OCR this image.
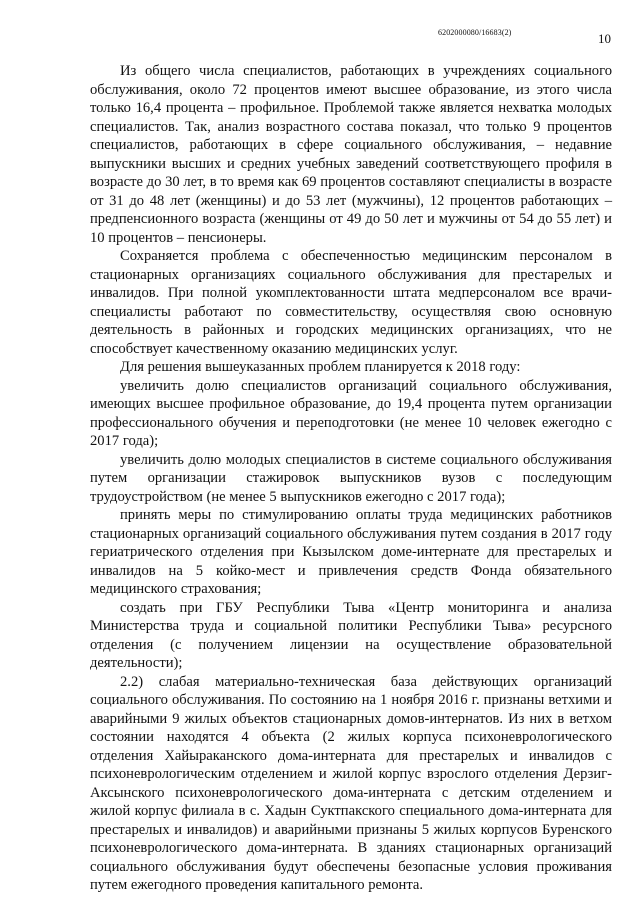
6202000080/16683(2)	10

Из общего числа специалистов, работающих в учреждениях социального обслуживания, около 72 процентов имеют высшее образование, из этого числа только 16,4 процента – профильное. Проблемой также является нехватка молодых специалистов. Так, анализ возрастного состава показал, что только 9 процентов специалистов, работающих в сфере социального обслуживания, – недавние выпускники высших и средних учебных заведений соответствующего профиля в возрасте до 30 лет, в то время как 69 процентов составляют специалисты в возрасте от 31 до 48 лет (женщины) и до 53 лет (мужчины), 12 процентов работающих – предпенсионного возраста (женщины от 49 до 50 лет и мужчины от 54 до 55 лет) и 10 процентов – пенсионеры.

Сохраняется проблема с обеспеченностью медицинским персоналом в стационарных организациях социального обслуживания для престарелых и инвалидов. При полной укомплектованности штата медперсоналом все врачи-специалисты работают по совместительству, осуществляя свою основную деятельность в районных и городских медицинских организациях, что не способствует качественному оказанию медицинских услуг.

Для решения вышеуказанных проблем планируется к 2018 году:

увеличить долю специалистов организаций социального обслуживания, имеющих высшее профильное образование, до 19,4 процента путем организации профессионального обучения и переподготовки (не менее 10 человек ежегодно с 2017 года);

увеличить долю молодых специалистов в системе социального обслуживания путем организации стажировок выпускников вузов с последующим трудоустройством (не менее 5 выпускников ежегодно с 2017 года);

принять меры по стимулированию оплаты труда медицинских работников стационарных организаций социального обслуживания путем создания в 2017 году гериатрического отделения при Кызылском доме-интернате для престарелых и инвалидов на 5 койко-мест и привлечения средств Фонда обязательного медицинского страхования;

создать при ГБУ Республики Тыва «Центр мониторинга и анализа Министерства труда и социальной политики Республики Тыва» ресурсного отделения (с получением лицензии на осуществление образовательной деятельности);

2.2) слабая материально-техническая база действующих организаций социального обслуживания. По состоянию на 1 ноября 2016 г. признаны ветхими и аварийными 9 жилых объектов стационарных домов-интернатов. Из них в ветхом состоянии находятся 4 объекта (2 жилых корпуса психоневрологического отделения Хайыраканского дома-интерната для престарелых и инвалидов с психоневрологическим отделением и жилой корпус взрослого отделения Дерзиг-Аксынского психоневрологического дома-интерната с детским отделением и жилой корпус филиала в с. Хадын Суктпакского специального дома-интерната для престарелых и инвалидов) и аварийными признаны 5 жилых корпусов Буренского психоневрологического дома-интерната. В зданиях стационарных организаций социального обслуживания будут обеспечены безопасные условия проживания путем ежегодного проведения капитального ремонта.
